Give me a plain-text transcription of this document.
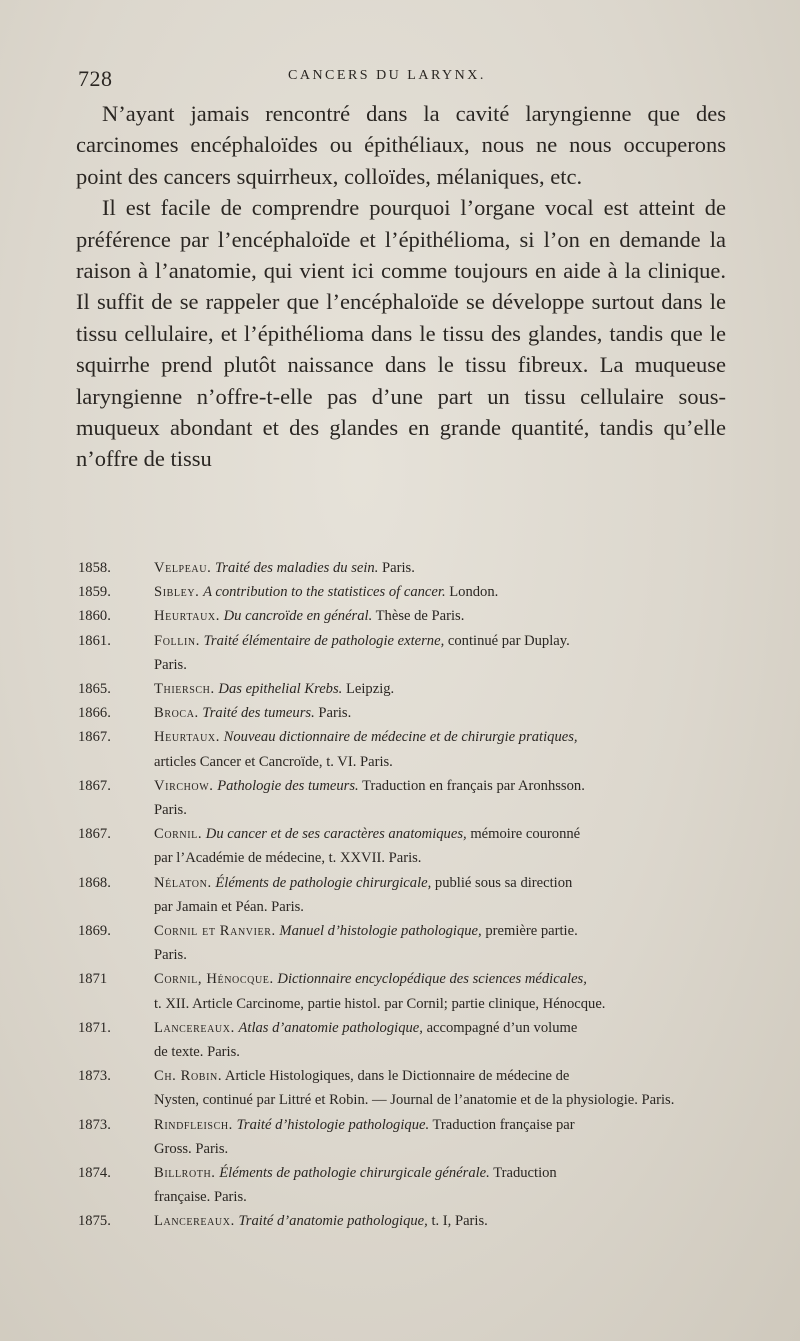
728	CANCERS DU LARYNX.

N’ayant jamais rencontré dans la cavité laryngienne que des carcinomes encéphaloïdes ou épithéliaux, nous ne nous occuperons point des cancers squirrheux, colloïdes, mélaniques, etc.

Il est facile de comprendre pourquoi l’organe vocal est atteint de préférence par l’encéphaloïde et l’épithélioma, si l’on en demande la raison à l’anatomie, qui vient ici comme toujours en aide à la clinique. Il suffit de se rappeler que l’encéphaloïde se développe surtout dans le tissu cellulaire, et l’épithélioma dans le tissu des glandes, tandis que le squirrhe prend plutôt naissance dans le tissu fibreux. La muqueuse laryngienne n’offre-t-elle pas d’une part un tissu cellulaire sous-muqueux abondant et des glandes en grande quantité, tandis qu’elle n’offre de tissu

1858.	Velpeau. Traité des maladies du sein. Paris.
1859.	Sibley. A contribution to the statistices of cancer. London.
1860.	Heurtaux. Du cancroïde en général. Thèse de Paris.
1861.	Follin. Traité élémentaire de pathologie externe, continué par Duplay.
Paris.
1865.	Thiersch. Das epithelial Krebs. Leipzig.
1866.	Broca. Traité des tumeurs. Paris.
1867.	Heurtaux. Nouveau dictionnaire de médecine et de chirurgie pratiques,
articles Cancer et Cancroïde, t. VI. Paris.
1867.	Virchow. Pathologie des tumeurs. Traduction en français par Aronhsson.
Paris.
1867.	Cornil. Du cancer et de ses caractères anatomiques, mémoire couronné
par l’Académie de médecine, t. XXVII. Paris.
1868.	Nélaton. Éléments de pathologie chirurgicale, publié sous sa direction
par Jamain et Péan. Paris.
1869.	Cornil et Ranvier. Manuel d’histologie pathologique, première partie.
Paris.
1871	Cornil, Hénocque. Dictionnaire encyclopédique des sciences médicales,
t. XII. Article Carcinome, partie histol. par Cornil; partie clinique, Hénocque.
1871.	Lancereaux. Atlas d’anatomie pathologique, accompagné d’un volume
de texte. Paris.
1873.	Ch. Robin. Article Histologiques, dans le Dictionnaire de médecine de
Nysten, continué par Littré et Robin. — Journal de l’anatomie et de la physiologie. Paris.
1873.	Rindfleisch. Traité d’histologie pathologique. Traduction française par
Gross. Paris.
1874.	Billroth. Éléments de pathologie chirurgicale générale. Traduction
française. Paris.
1875.	Lancereaux. Traité d’anatomie pathologique, t. I, Paris.
